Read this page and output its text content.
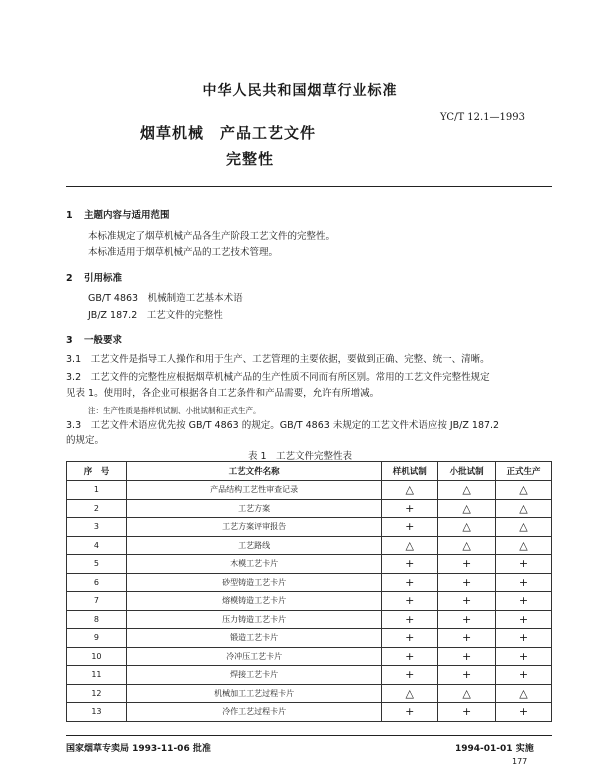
中华人民共和国烟草行业标准
烟草机械　产品工艺文件
完整性
YC/T 12.1—1993
1 主题内容与适用范围
本标准规定了烟草机械产品各生产阶段工艺文件的完整性。
本标准适用于烟草机械产品的工艺技术管理。
2 引用标准
GB/T 4863　机械制造工艺基本术语
JB/Z 187.2　工艺文件的完整性
3 一般要求
3.1　工艺文件是指导工人操作和用于生产、工艺管理的主要依据，要做到正确、完整、统一、清晰。
3.2　工艺文件的完整性应根据烟草机械产品的生产性质不同而有所区别。常用的工艺文件完整性规定
见表 1。使用时，各企业可根据各自工艺条件和产品需要，允许有所增减。
注：生产性质是指样机试制、小批试制和正式生产。
3.3　工艺文件术语应优先按 GB/T 4863 的规定。GB/T 4863 未规定的工艺文件术语应按 JB/Z 187.2
的规定。
表 1　工艺文件完整性表
序　号	工艺文件名称	样机试制	小批试制	正式生产
1	产品结构工艺性审查记录	△	△	△
2	工艺方案	+	△	△
3	工艺方案评审报告	+	△	△
4	工艺路线	△	△	△
5	木模工艺卡片	+	+	+
6	砂型铸造工艺卡片	+	+	+
7	熔模铸造工艺卡片	+	+	+
8	压力铸造工艺卡片	+	+	+
9	锻造工艺卡片	+	+	+
10	冷冲压工艺卡片	+	+	+
11	焊接工艺卡片	+	+	+
12	机械加工工艺过程卡片	△	△	△
13	冷作工艺过程卡片	+	+	+
国家烟草专卖局 1993-11-06 批准	1994-01-01 实施
177
